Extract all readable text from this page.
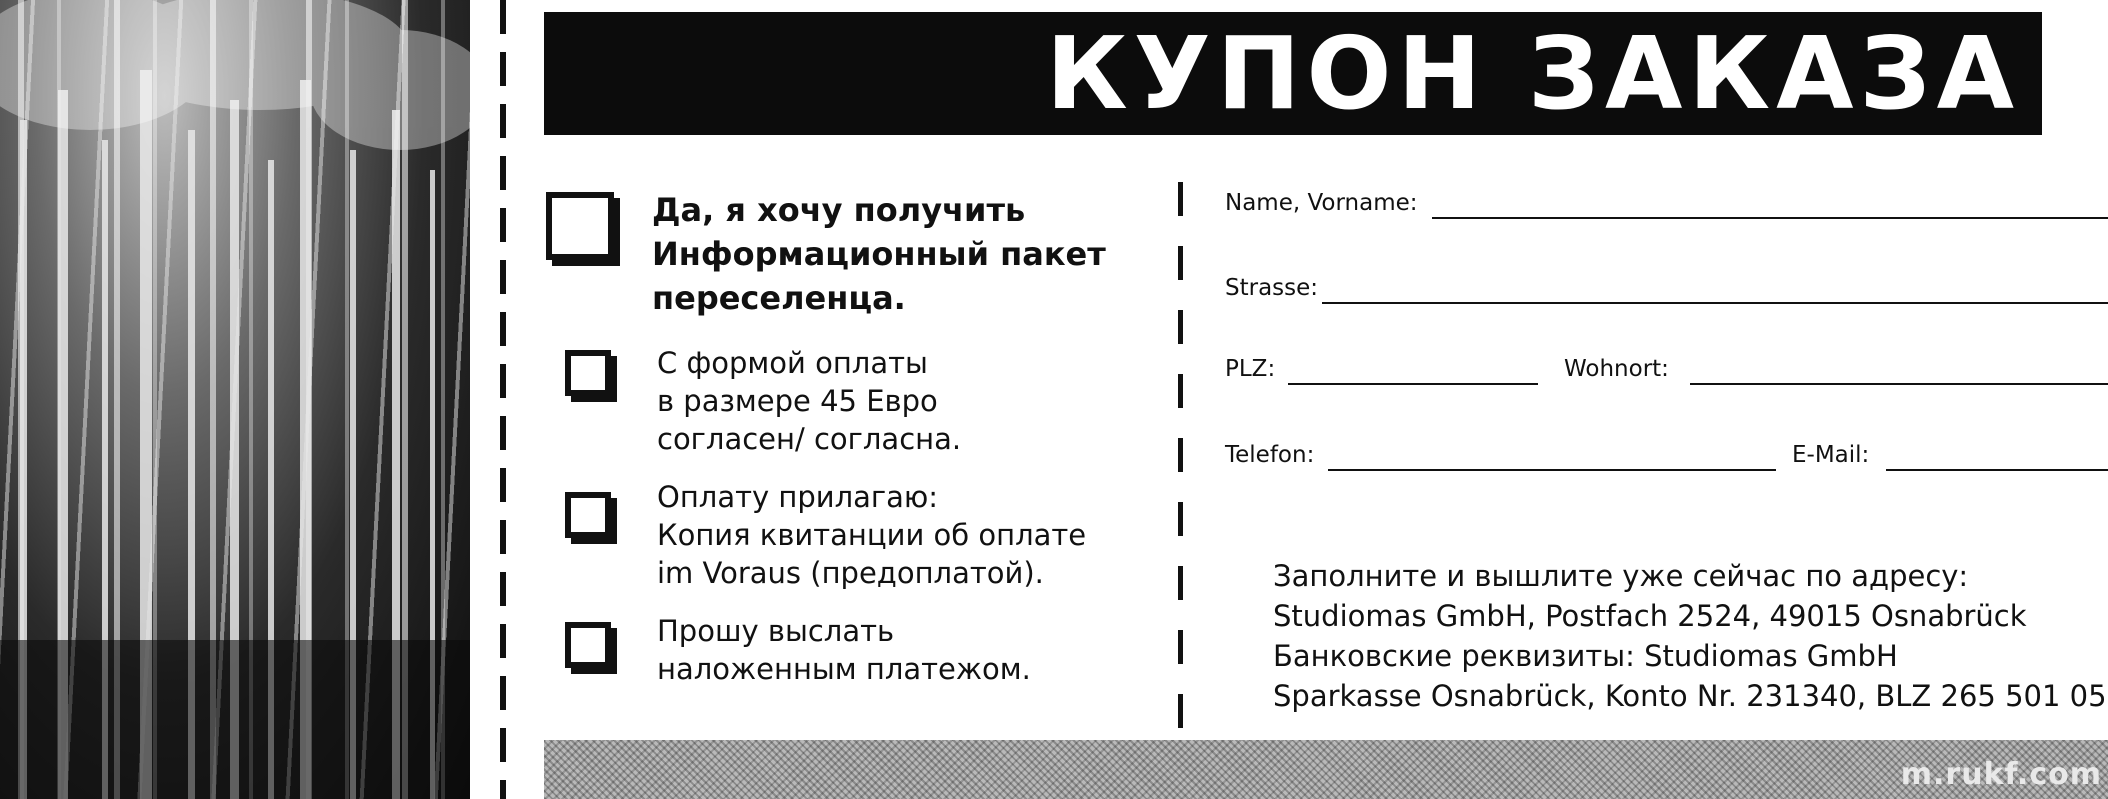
КУПОН ЗАКАЗА
Да, я хочу получить
Информационный пакет
переселенца.
С формой оплаты
в размере 45 Евро
согласен/ согласна.
Оплату прилагаю:
Копия квитанции об оплате
im Voraus (предоплатой).
Прошу выслать
наложенным платежом.
Name, Vorname:
Strasse:
PLZ:	Wohnort:
Telefon:	E-Mail:
Заполните и вышлите уже сейчас по адресу:
Studiomas GmbH, Postfach 2524, 49015 Osnabrück
Банковские реквизиты: Studiomas GmbH
Sparkasse Osnabrück, Konto Nr. 231340, BLZ 265 501 05
m.rukf.com
